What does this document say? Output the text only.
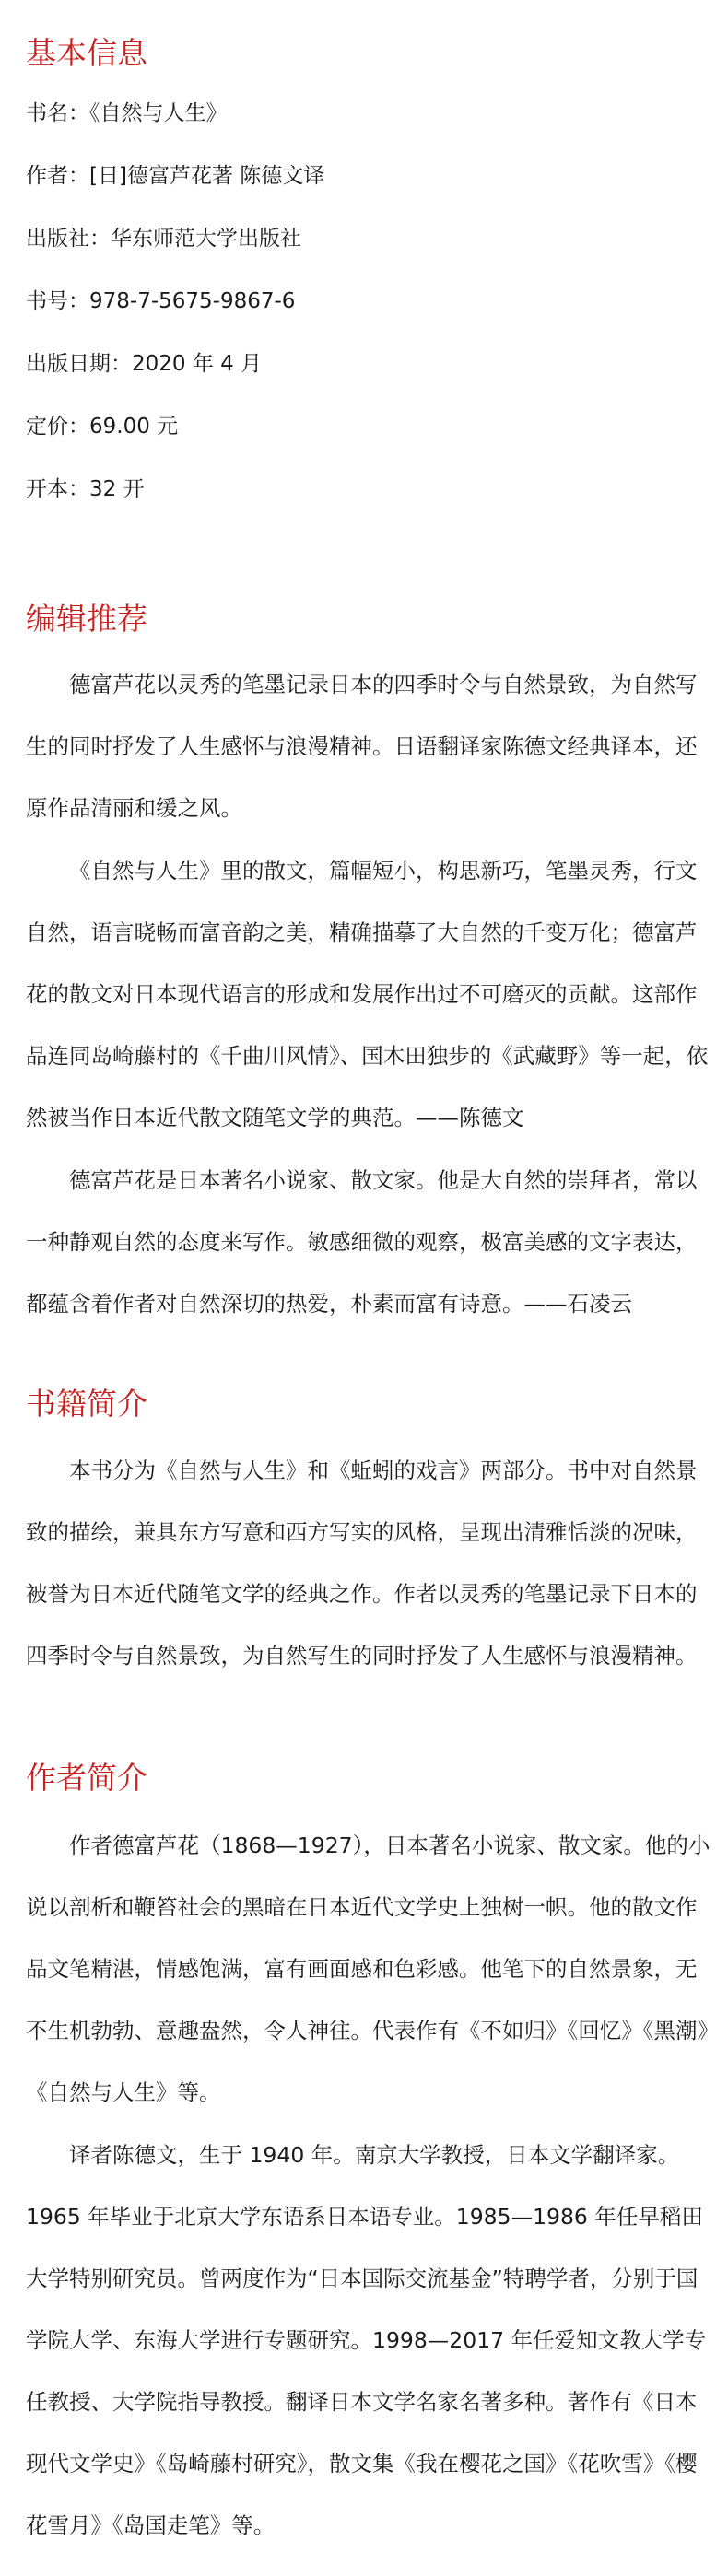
基本信息
书名：《自然与人生》
作者：[日]德富芦花著 陈德文译
出版社：华东师范大学出版社
书号：978-7-5675-9867-6
出版日期：2020 年 4 月
定价：69.00 元
开本：32 开
编辑推荐

德富芦花以灵秀的笔墨记录日本的四季时令与自然景致，为自然写生的同时抒发了人生感怀与浪漫精神。日语翻译家陈德文经典译本，还原作品清丽和缓之风。

《自然与人生》里的散文，篇幅短小，构思新巧，笔墨灵秀，行文自然，语言晓畅而富音韵之美，精确描摹了大自然的千变万化；德富芦花的散文对日本现代语言的形成和发展作出过不可磨灭的贡献。这部作品连同岛崎藤村的《千曲川风情》、国木田独步的《武藏野》等一起，依然被当作日本近代散文随笔文学的典范。——陈德文

德富芦花是日本著名小说家、散文家。他是大自然的崇拜者，常以一种静观自然的态度来写作。敏感细微的观察，极富美感的文字表达，都蕴含着作者对自然深切的热爱，朴素而富有诗意。——石凌云

书籍简介

本书分为《自然与人生》和《蚯蚓的戏言》两部分。书中对自然景致的描绘，兼具东方写意和西方写实的风格，呈现出清雅恬淡的况味，被誉为日本近代随笔文学的经典之作。作者以灵秀的笔墨记录下日本的四季时令与自然景致，为自然写生的同时抒发了人生感怀与浪漫精神。

作者简介

作者德富芦花（1868—1927），日本著名小说家、散文家。他的小说以剖析和鞭笞社会的黑暗在日本近代文学史上独树一帜。他的散文作品文笔精湛，情感饱满，富有画面感和色彩感。他笔下的自然景象，无不生机勃勃、意趣盎然，令人神往。代表作有《不如归》《回忆》《黑潮》《自然与人生》等。

译者陈德文，生于 1940 年。南京大学教授，日本文学翻译家。1965 年毕业于北京大学东语系日本语专业。1985—1986 年任早稻田大学特别研究员。曾两度作为“日本国际交流基金”特聘学者，分别于国学院大学、东海大学进行专题研究。1998—2017 年任爱知文教大学专任教授、大学院指导教授。翻译日本文学名家名著多种。著作有《日本现代文学史》《岛崎藤村研究》，散文集《我在樱花之国》《花吹雪》《樱花雪月》《岛国走笔》等。
